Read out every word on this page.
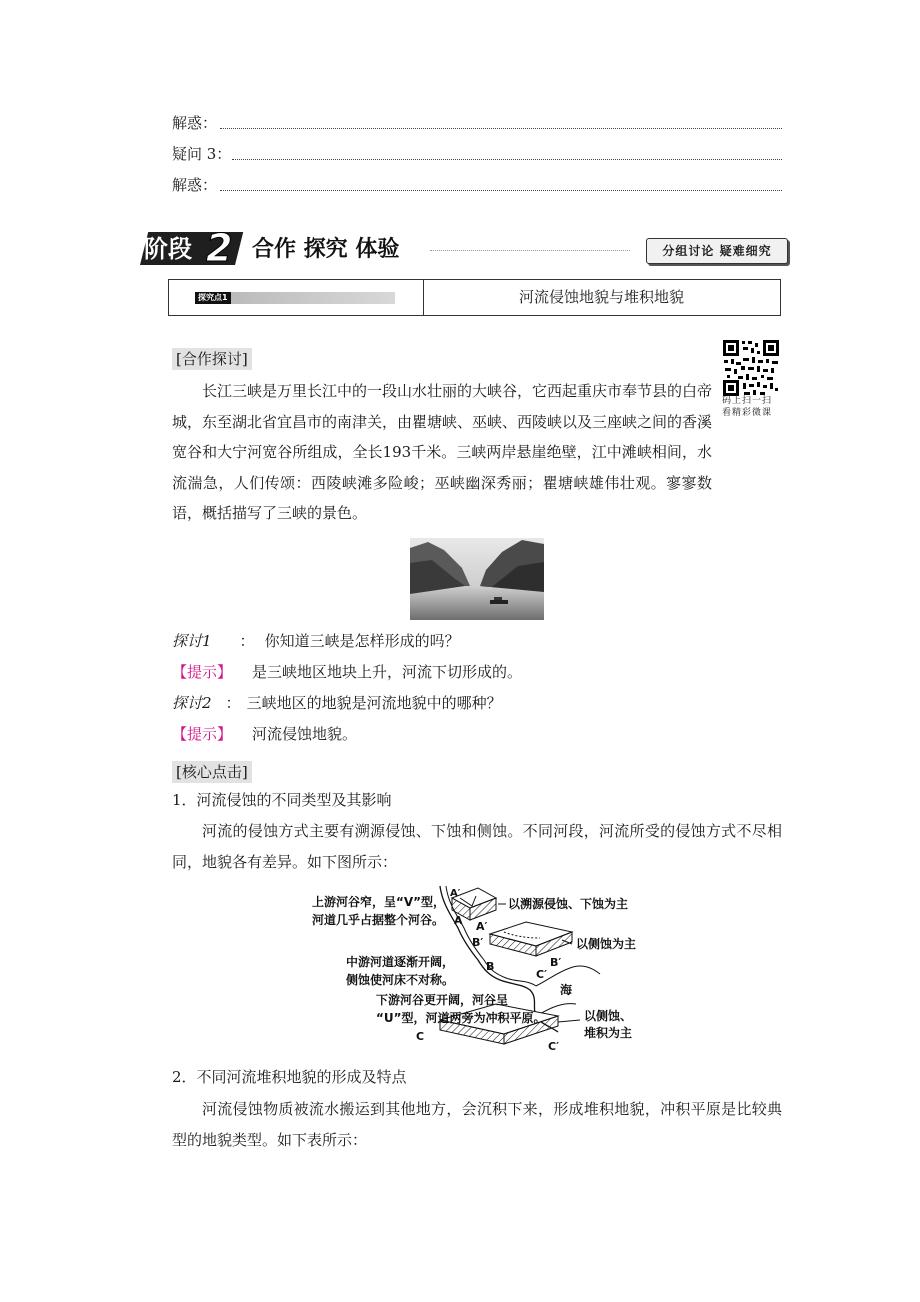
解惑：
疑问 3：
解惑：
阶段 2 合作 探究 体验	分组讨论 疑难细究
探究点1	河流侵蚀地貌与堆积地貌
码上扫一扫
看精彩微课
[合作探讨]
长江三峡是万里长江中的一段山水壮丽的大峡谷，它西起重庆市奉节县的白帝城，东至湖北省宜昌市的南津关，由瞿塘峡、巫峡、西陵峡以及三座峡之间的香溪宽谷和大宁河宽谷所组成，全长193千米。三峡两岸悬崖绝壁，江中滩峡相间，水流湍急，人们传颂：西陵峡滩多险峻；巫峡幽深秀丽；瞿塘峡雄伟壮观。寥寥数语，概括描写了三峡的景色。
探讨1 ： 你知道三峡是怎样形成的吗？
【提示】 是三峡地区地块上升，河流下切形成的。
探讨2 ： 三峡地区的地貌是河流地貌中的哪种？
【提示】 河流侵蚀地貌。
[核心点击]
1．河流侵蚀的不同类型及其影响
河流的侵蚀方式主要有溯源侵蚀、下蚀和侧蚀。不同河段，河流所受的侵蚀方式不尽相同，地貌各有差异。如下图所示：
上游河谷窄，呈“V”型，
河道几乎占据整个河谷。
中游河道逐渐开阔，
侧蚀使河床不对称。
下游河谷更开阔，河谷呈
“U”型，河道两旁为冲积平原。
以溯源侵蚀、下蚀为主
以侧蚀为主
以侧蚀、
堆积为主
海
A′
A A′
B′
B	B′
C′
C
C′
2．不同河流堆积地貌的形成及特点
河流侵蚀物质被流水搬运到其他地方，会沉积下来，形成堆积地貌，冲积平原是比较典型的地貌类型。如下表所示：
